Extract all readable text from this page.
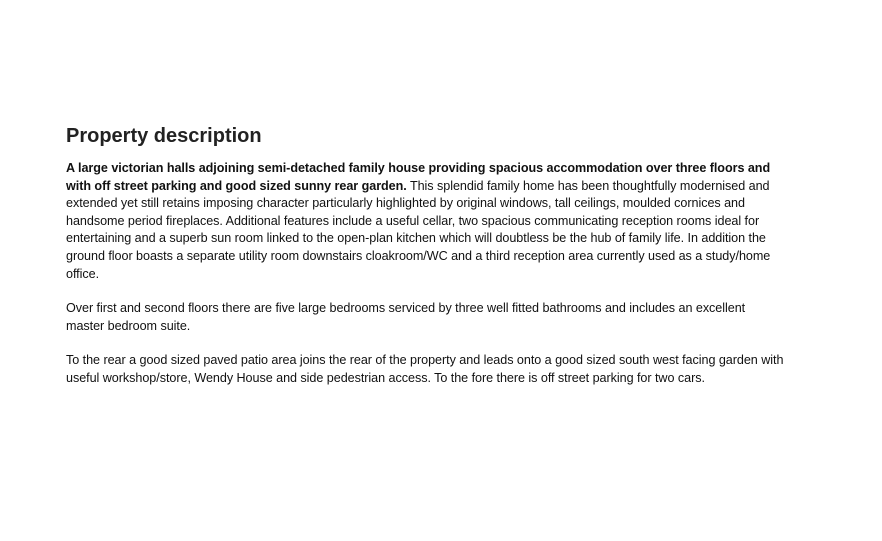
Property description

A large victorian halls adjoining semi-detached family house providing spacious accommodation over three floors and with off street parking and good sized sunny rear garden. This splendid family home has been thoughtfully modernised and extended yet still retains imposing character particularly highlighted by original windows, tall ceilings, moulded cornices and handsome period fireplaces. Additional features include a useful cellar, two spacious communicating reception rooms ideal for entertaining and a superb sun room linked to the open-plan kitchen which will doubtless be the hub of family life. In addition the ground floor boasts a separate utility room downstairs cloakroom/WC and a third reception area currently used as a study/home office.

Over first and second floors there are five large bedrooms serviced by three well fitted bathrooms and includes an excellent master bedroom suite.

To the rear a good sized paved patio area joins the rear of the property and leads onto a good sized south west facing garden with useful workshop/store, Wendy House and side pedestrian access. To the fore there is off street parking for two cars.
